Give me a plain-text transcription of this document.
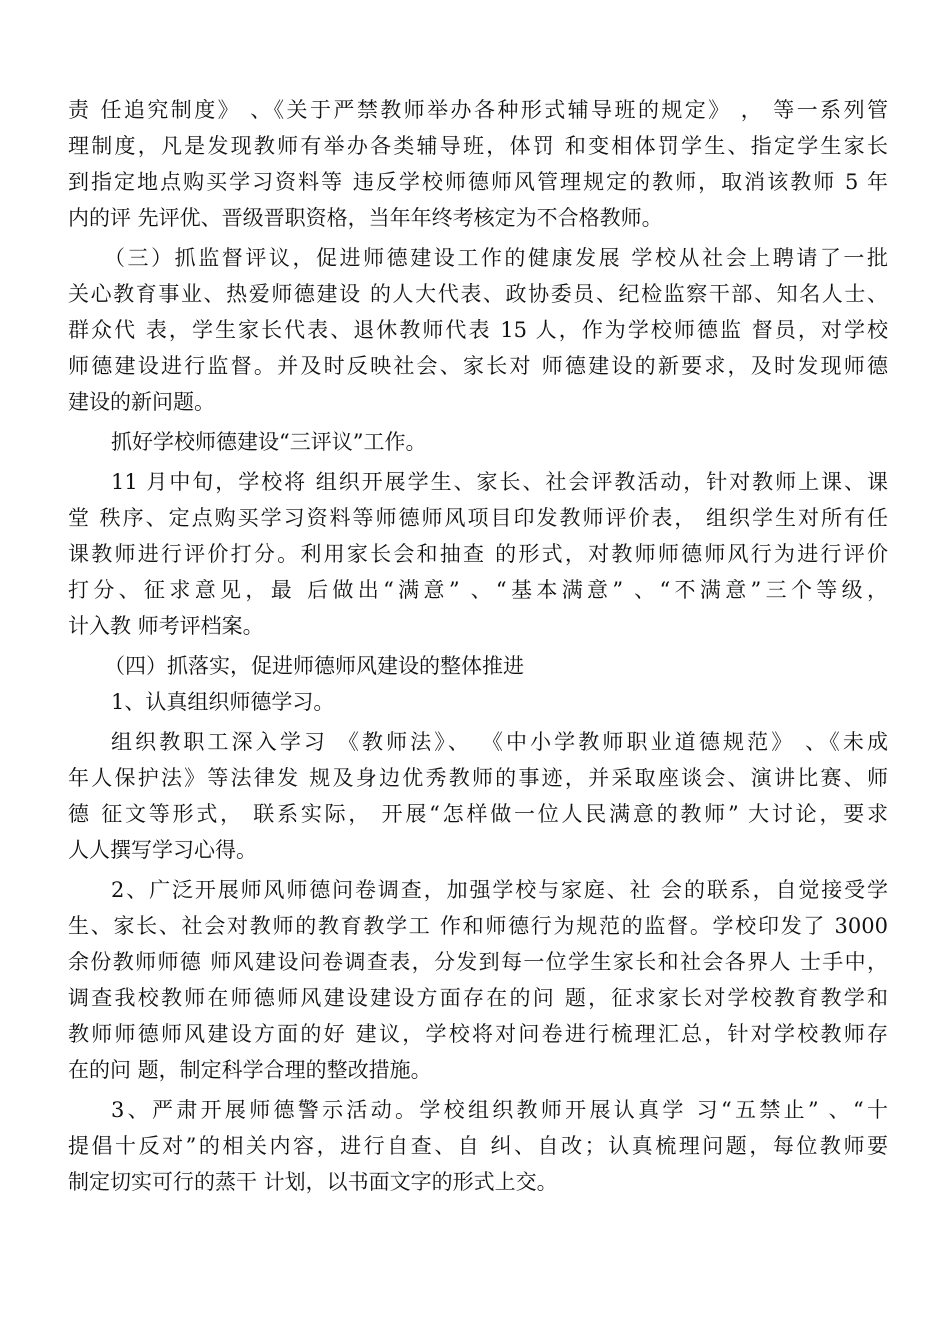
责 任追究制度》 、《关于严禁教师举办各种形式辅导班的规定》 ， 等一系列管
理制度，凡是发现教师有举办各类辅导班，体罚 和变相体罚学生、指定学生家长
到指定地点购买学习资料等 违反学校师德师风管理规定的教师，取消该教师 5 年
内的评 先评优、晋级晋职资格，当年年终考核定为不合格教师。
（三）抓监督评议，促进师德建设工作的健康发展 学校从社会上聘请了一批
关心教育事业、热爱师德建设 的人大代表、政协委员、纪检监察干部、知名人士、
群众代 表，学生家长代表、退休教师代表 15 人，作为学校师德监 督员，对学校
师德建设进行监督。并及时反映社会、家长对 师德建设的新要求，及时发现师德
建设的新问题。
抓好学校师德建设“三评议”工作。
11 月中旬，学校将 组织开展学生、家长、社会评教活动，针对教师上课、课
堂 秩序、定点购买学习资料等师德师风项目印发教师评价表， 组织学生对所有任
课教师进行评价打分。利用家长会和抽查 的形式，对教师师德师风行为进行评价
打分、征求意见，最 后做出“满意” 、“基本满意” 、“不满意”三个等级，
计入教 师考评档案。
（四）抓落实，促进师德师风建设的整体推进
1、认真组织师德学习。
组织教职工深入学习 《教师法》、 《中小学教师职业道德规范》 、《未成
年人保护法》等法律发 规及身边优秀教师的事迹，并采取座谈会、演讲比赛、师
德 征文等形式， 联系实际， 开展“怎样做一位人民满意的教师” 大讨论，要求
人人撰写学习心得。
2、广泛开展师风师德问卷调查，加强学校与家庭、社 会的联系，自觉接受学
生、家长、社会对教师的教育教学工 作和师德行为规范的监督。学校印发了 3000
余份教师师德 师风建设问卷调查表，分发到每一位学生家长和社会各界人 士手中，
调查我校教师在师德师风建设建设方面存在的问 题，征求家长对学校教育教学和
教师师德师风建设方面的好 建议，学校将对问卷进行梳理汇总，针对学校教师存
在的问 题，制定科学合理的整改措施。
3、严肃开展师德警示活动。学校组织教师开展认真学 习“五禁止” 、“十
提倡十反对”的相关内容，进行自查、自 纠、自改；认真梳理问题，每位教师要
制定切实可行的蒸干 计划，以书面文字的形式上交。
